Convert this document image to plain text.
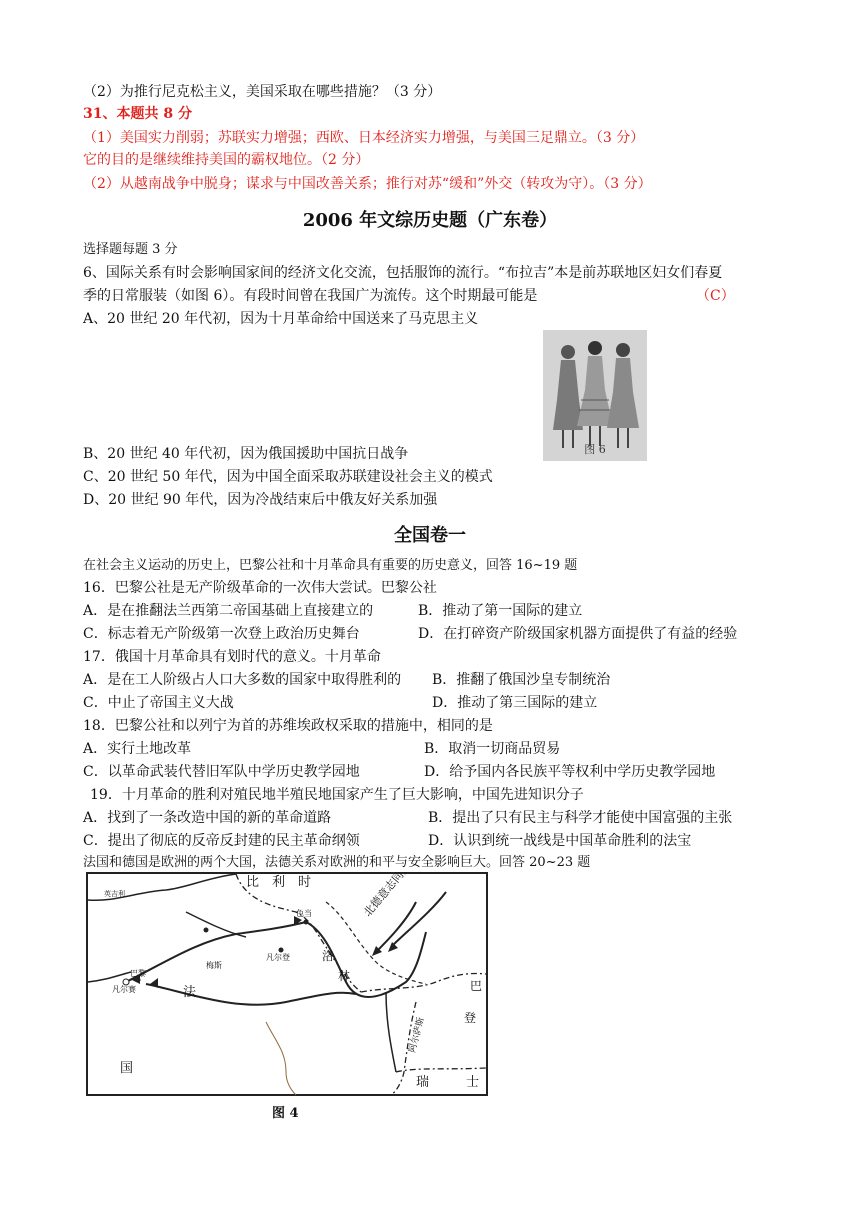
（2）为推行尼克松主义，美国采取在哪些措施？（3 分）
31、本题共 8 分
（1）美国实力削弱；苏联实力增强；西欧、日本经济实力增强，与美国三足鼎立。（3 分）
它的目的是继续维持美国的霸权地位。（2 分）
（2）从越南战争中脱身；谋求与中国改善关系；推行对苏“缓和”外交（转攻为守）。（3 分）
2006 年文综历史题（广东卷）
选择题每题 3 分
6、国际关系有时会影响国家间的经济文化交流，包括服饰的流行。“布拉吉”本是前苏联地区妇女们春夏
季的日常服装（如图 6）。有段时间曾在我国广为流传。这个时期最可能是	（C）
A、20 世纪 20 年代初，因为十月革命给中国送来了马克思主义
图 6
B、20 世纪 40 年代初，因为俄国援助中国抗日战争
C、20 世纪 50 年代，因为中国全面采取苏联建设社会主义的模式
D、20 世纪 90 年代，因为冷战结束后中俄友好关系加强
全国卷一
在社会主义运动的历史上，巴黎公社和十月革命具有重要的历史意义，回答 16~19 题
16．巴黎公社是无产阶级革命的一次伟大尝试。巴黎公社
A．是在推翻法兰西第二帝国基础上直接建立的	B．推动了第一国际的建立
C．标志着无产阶级第一次登上政治历史舞台	D．在打碎资产阶级国家机器方面提供了有益的经验
17．俄国十月革命具有划时代的意义。十月革命
A．是在工人阶级占人口大多数的国家中取得胜利的 B．推翻了俄国沙皇专制统治
C．中止了帝国主义大战	D．推动了第三国际的建立
18．巴黎公社和以列宁为首的苏维埃政权采取的措施中，相同的是
A．实行土地改革	B．取消一切商品贸易
C．以革命武装代替旧军队中学历史教学园地	D．给予国内各民族平等权利中学历史教学园地
19．十月革命的胜利对殖民地半殖民地国家产生了巨大影响，中国先进知识分子
A．找到了一条改造中国的新的革命道路	B．提出了只有民主与科学才能使中国富强的主张
C．提出了彻底的反帝反封建的民主革命纲领	D．认识到统一战线是中国革命胜利的法宝
法国和德国是欧洲的两个大国，法德关系对欧洲的和平与安全影响巨大。回答 20~23 题
比　利　时
法
国
瑞	士
巴
登
洛
林
凡尔赛
巴黎
凡尔登
色当	北德意志同盟
阿尔萨斯
英吉利
梅斯
图 4
